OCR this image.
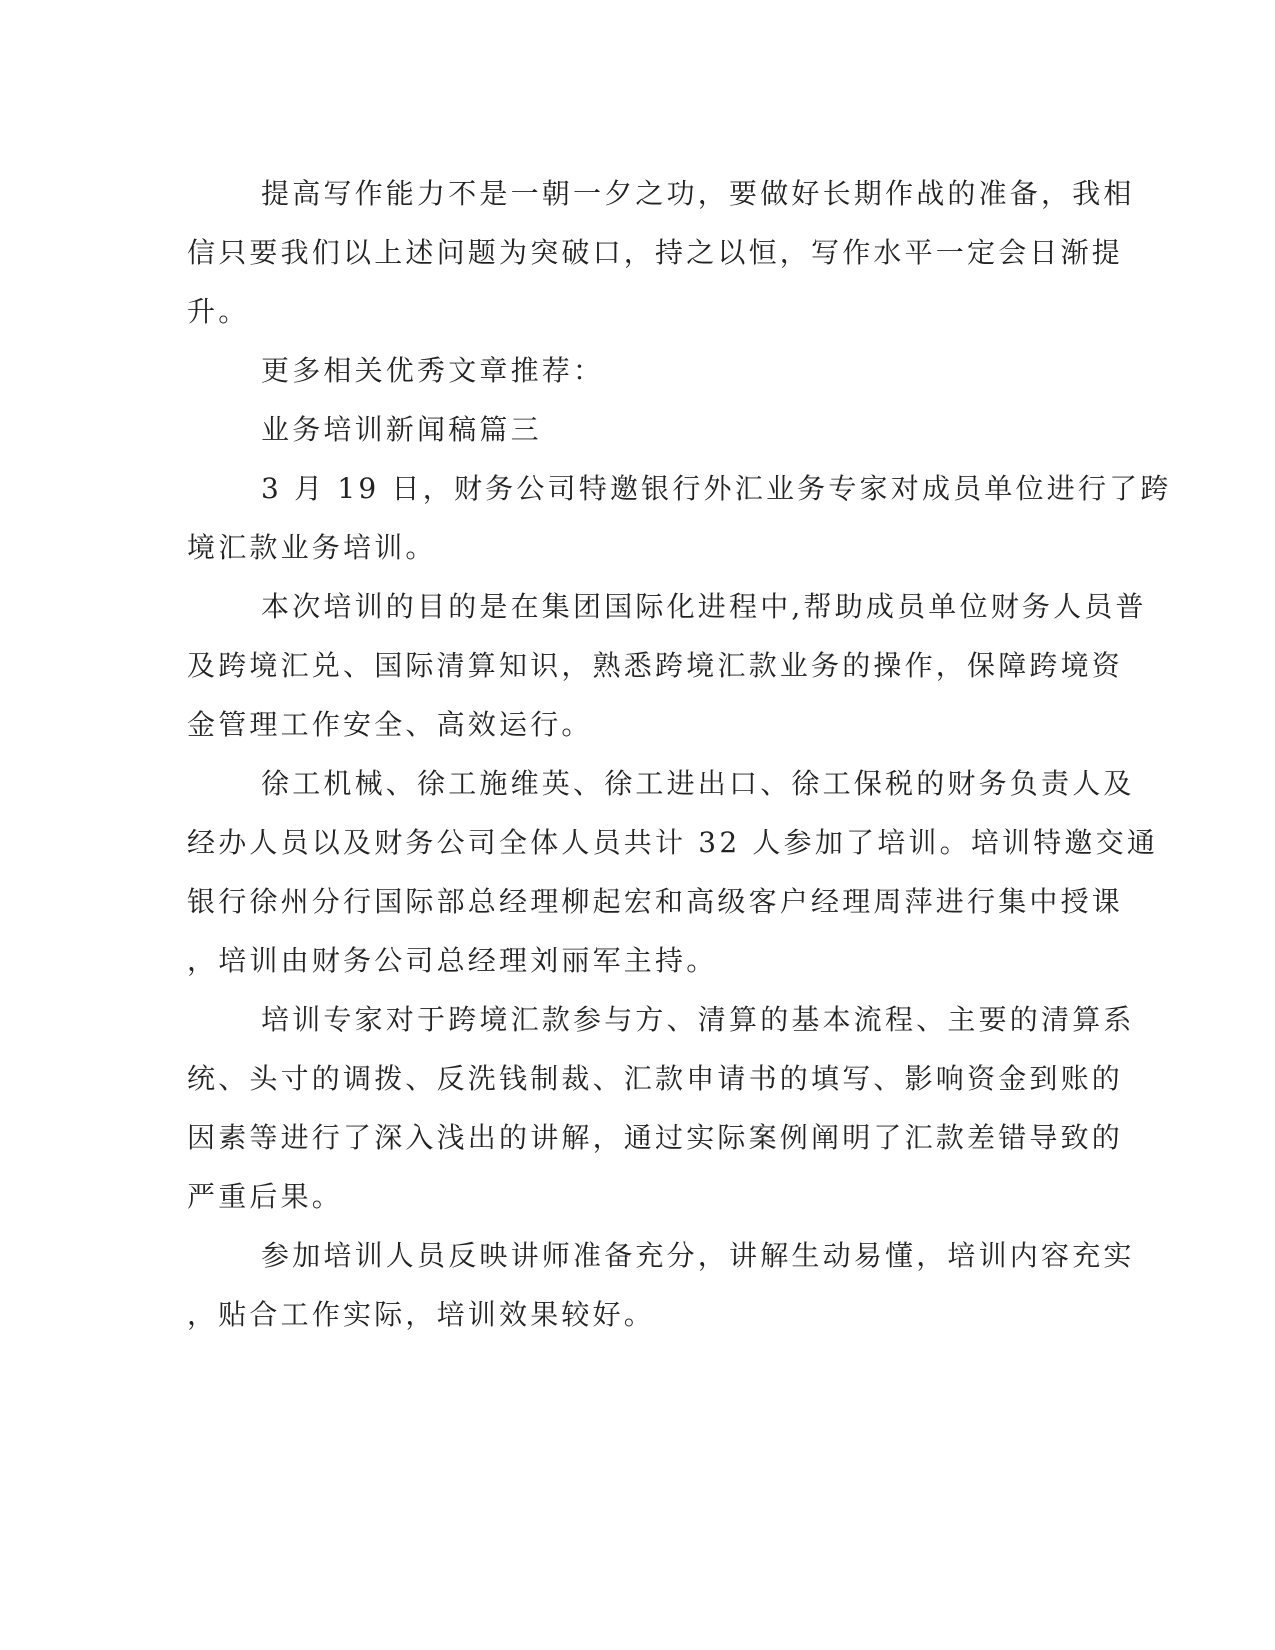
提高写作能力不是一朝一夕之功，要做好长期作战的准备，我相
信只要我们以上述问题为突破口，持之以恒，写作水平一定会日渐提
升。
更多相关优秀文章推荐：
业务培训新闻稿篇三
3 月 19 日，财务公司特邀银行外汇业务专家对成员单位进行了跨
境汇款业务培训。
本次培训的目的是在集团国际化进程中,帮助成员单位财务人员普
及跨境汇兑、国际清算知识，熟悉跨境汇款业务的操作，保障跨境资
金管理工作安全、高效运行。
徐工机械、徐工施维英、徐工进出口、徐工保税的财务负责人及
经办人员以及财务公司全体人员共计 32 人参加了培训。培训特邀交通
银行徐州分行国际部总经理柳起宏和高级客户经理周萍进行集中授课
，培训由财务公司总经理刘丽军主持。
培训专家对于跨境汇款参与方、清算的基本流程、主要的清算系
统、头寸的调拨、反洗钱制裁、汇款申请书的填写、影响资金到账的
因素等进行了深入浅出的讲解，通过实际案例阐明了汇款差错导致的
严重后果。
参加培训人员反映讲师准备充分，讲解生动易懂，培训内容充实
，贴合工作实际，培训效果较好。
